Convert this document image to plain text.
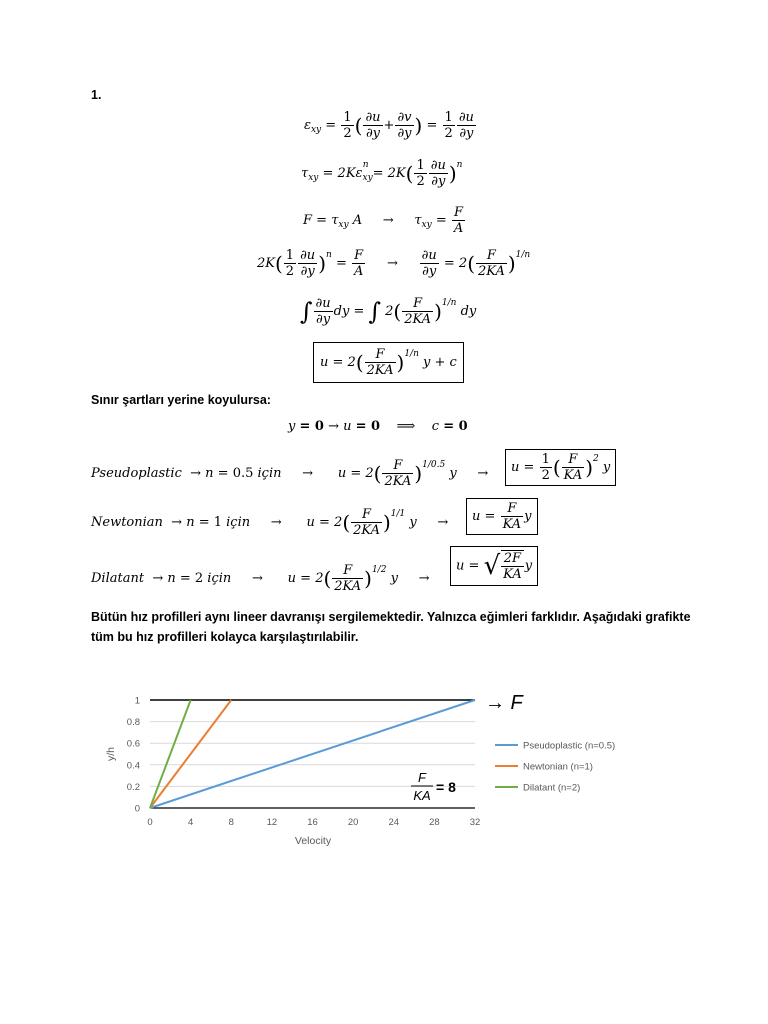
1.
$\varepsilon_{xy} = \frac{1}{2}$ ( $\frac{\partial u}{\partial y} + \frac{\partial v}{\partial y}$ ) = $\frac{1}{2} \frac{\partial u}{\partial y}$
$\tau_{xy} = 2K\varepsilon_{xy}^n = 2K( \frac{1}{2} \frac{\partial u}{\partial y} )^n$
$F = \tau_{xy}$ A     →     $\tau_{xy} = \frac{F}{A}$
$2K( \frac{1}{2} \frac{\partial u}{\partial y} )^n = \frac{F}{A} \to \frac{\partial u}{\partial y} = 2( \frac{F}{2KA} )^{1/n}$
∫ $\frac{\partial u}{\partial y}$ dy = ∫ $2( \frac{F}{2KA} )^{1/n}$ dy
$u = 2( \frac{F}{2KA} )^{1/n}$ y + c
Sınır şartları yerine koyulursa:
y = 0 → u = 0 ⟹    c = 0
Pseudoplastic  → n = 0.5 için     →      $u = 2( \frac{F}{2KA} )^{1/0.5}$ y     →	$u = \frac{1}{2}$ ( $\frac{F}{KA} )^2$ y
Newtonian  → n = 1 için     →      $u = 2( \frac{F}{2KA} )^{1/1}$ y     →	$u = \frac{F}{KA}$ y
Dilatant  → n = 2 için     →      $u = 2( \frac{F}{2KA} )^{1/2}$ y     →
u = √ $\frac{2F}{KA}$ y
Bütün hız profilleri aynı lineer davranışı sergilemektedir. Yalnızca eğimleri farklıdır. Aşağıdaki grafikte
tüm bu hız profilleri kolayca karşılaştırılabilir.
0	4	8	12	16	20	24	28	32
0
0.2
0.4
0.6
0.8
1
Velocity
y/h
Pseudoplastic (n=0.5)
Newtonian (n=1)
Dilatant (n=2)
→ F
F
KA
= 8
